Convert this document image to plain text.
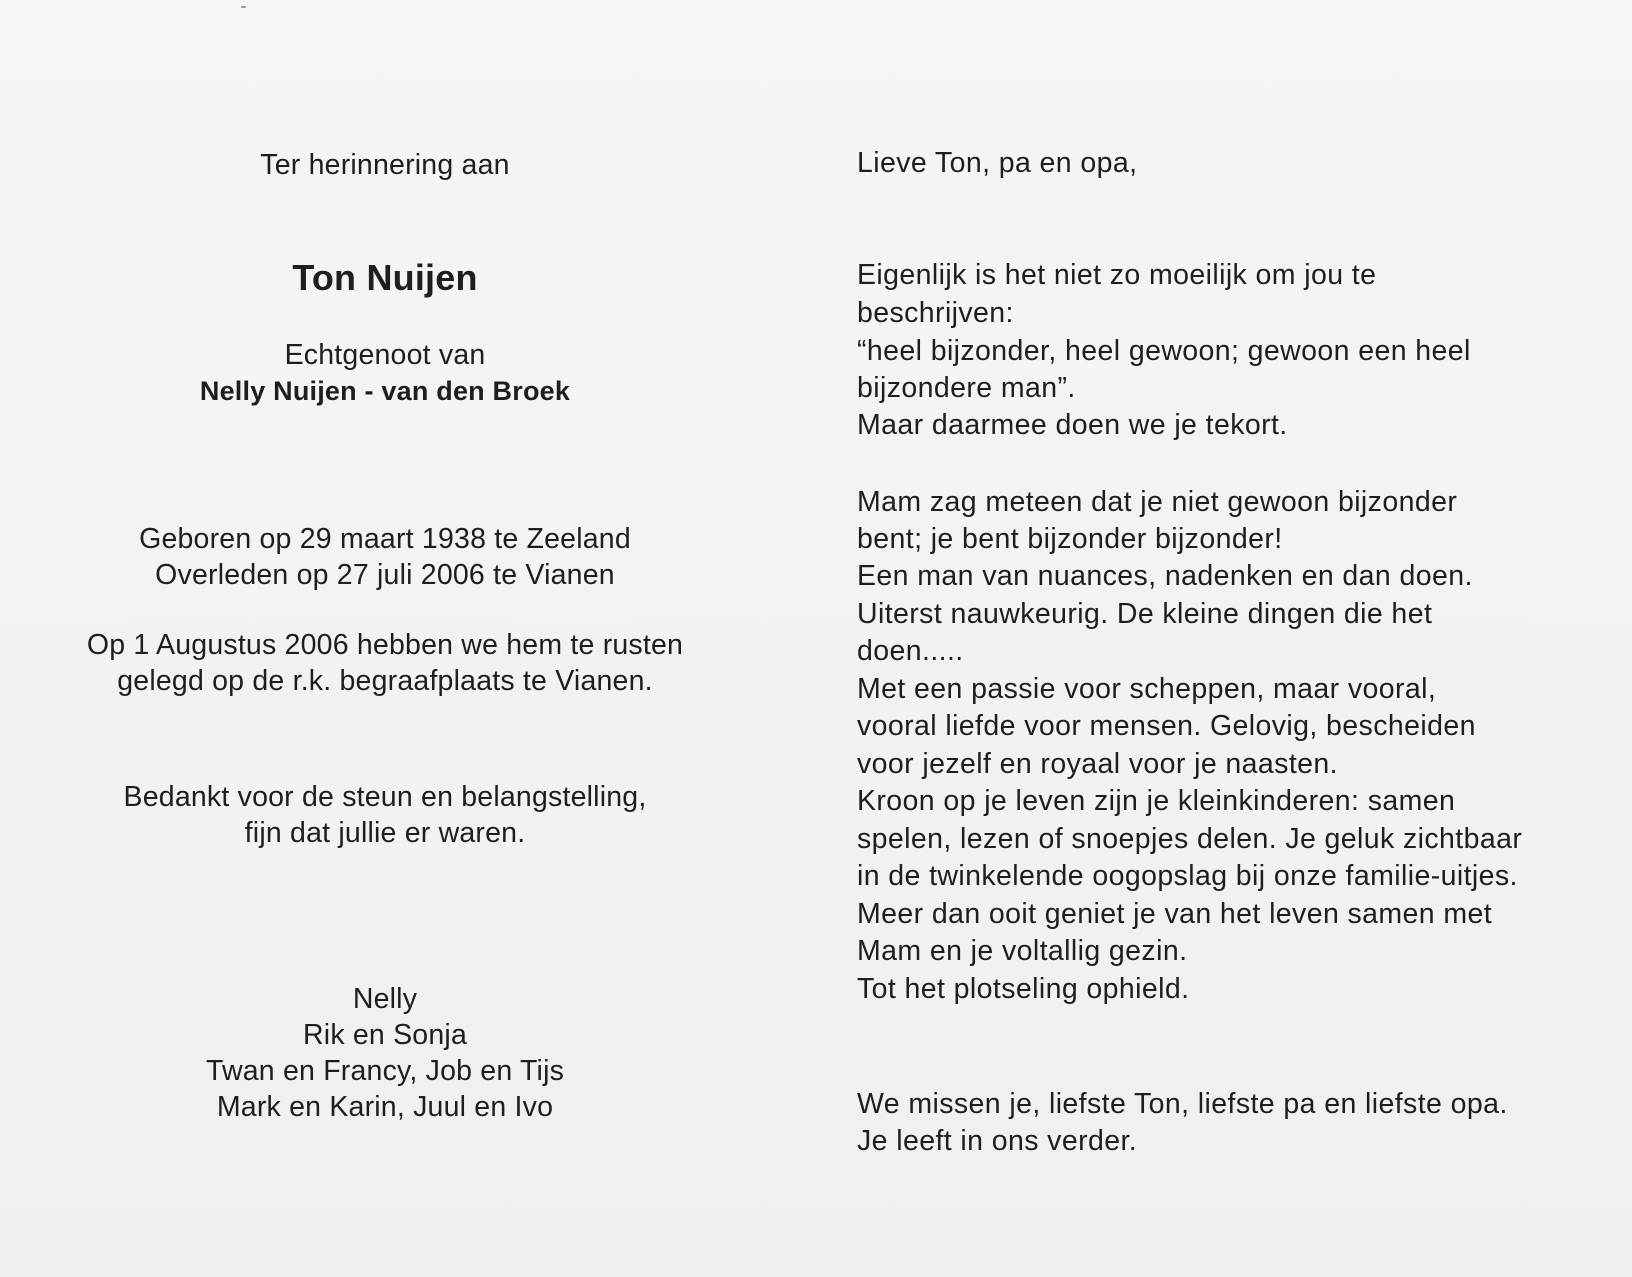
Ter herinnering aan
Ton Nuijen
Echtgenoot van
Nelly Nuijen - van den Broek
Geboren op 29 maart 1938 te Zeeland
Overleden op 27 juli 2006 te Vianen
Op 1 Augustus 2006 hebben we hem te rusten
gelegd op de r.k. begraafplaats te Vianen.
Bedankt voor de steun en belangstelling,
fijn dat jullie er waren.
Nelly
Rik en Sonja
Twan en Francy, Job en Tijs
Mark en Karin, Juul en Ivo
Lieve Ton, pa en opa,
Eigenlijk is het niet zo moeilijk om jou te
beschrijven:
“heel bijzonder, heel gewoon; gewoon een heel
bijzondere man”.
Maar daarmee doen we je tekort.
Mam zag meteen dat je niet gewoon bijzonder
bent; je bent bijzonder bijzonder!
Een man van nuances, nadenken en dan doen.
Uiterst nauwkeurig. De kleine dingen die het
doen.....
Met een passie voor scheppen, maar vooral,
vooral liefde voor mensen. Gelovig, bescheiden
voor jezelf en royaal voor je naasten.
Kroon op je leven zijn je kleinkinderen: samen
spelen, lezen of snoepjes delen. Je geluk zichtbaar
in de twinkelende oogopslag bij onze familie-uitjes.
Meer dan ooit geniet je van het leven samen met
Mam en je voltallig gezin.
Tot het plotseling ophield.
We missen je, liefste Ton, liefste pa en liefste opa.
Je leeft in ons verder.
